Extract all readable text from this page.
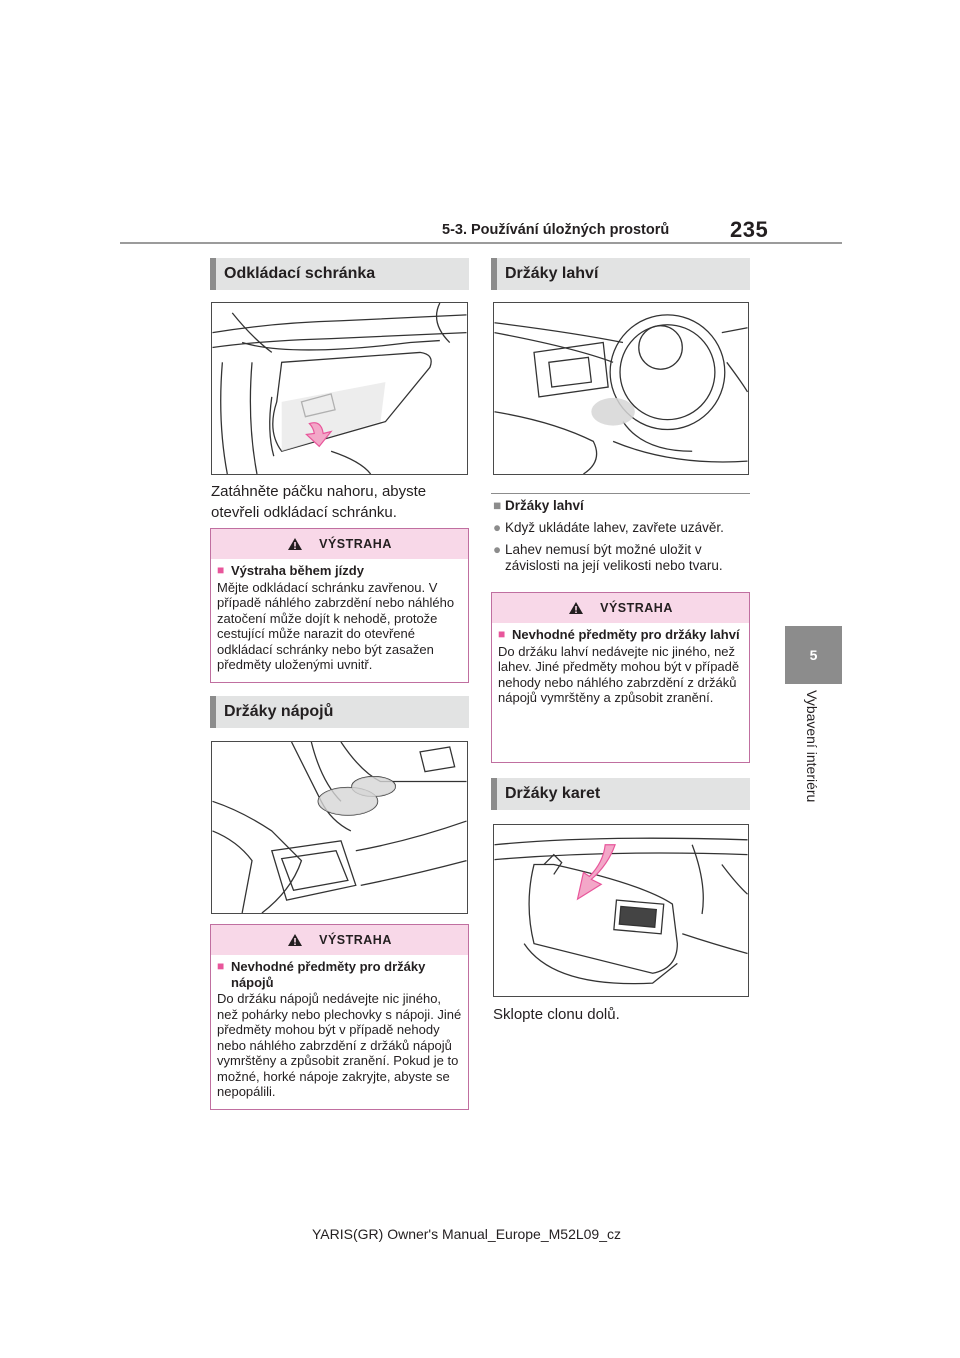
5-3. Používání úložných prostorů	235
5
Vybavení interiéru
Odkládací schránka
Zatáhněte páčku nahoru, abyste otevřeli odkládací schránku.
VÝSTRAHA
■ Výstraha během jízdy
Mějte odkládací schránku zavřenou. V případě náhlého zabrzdění nebo náhlého zatočení může dojít k nehodě, protože cestující může narazit do otevřené odkládací schránky nebo být zasažen předměty uloženými uvnitř.
Držáky nápojů
VÝSTRAHA
■ Nevhodné předměty pro držáky nápojů
Do držáku nápojů nedávejte nic jiného, než pohárky nebo plechovky s nápoji. Jiné předměty mohou být v případě nehody nebo náhlého zabrzdění z držáků nápojů vymrštěny a způsobit zranění. Pokud je to možné, horké nápoje zakryjte, abyste se nepopálili.
Držáky lahví
■ Držáky lahví
● Když ukládáte lahev, zavřete uzávěr.
● Lahev nemusí být možné uložit v závislosti na její velikosti nebo tvaru.
VÝSTRAHA
■ Nevhodné předměty pro držáky lahví
Do držáku lahví nedávejte nic jiného, než lahev. Jiné předměty mohou být v případě nehody nebo náhlého zabrzdění z držáků nápojů vymrštěny a způsobit zranění.
Držáky karet
Sklopte clonu dolů.
YARIS(GR) Owner's Manual_Europe_M52L09_cz
